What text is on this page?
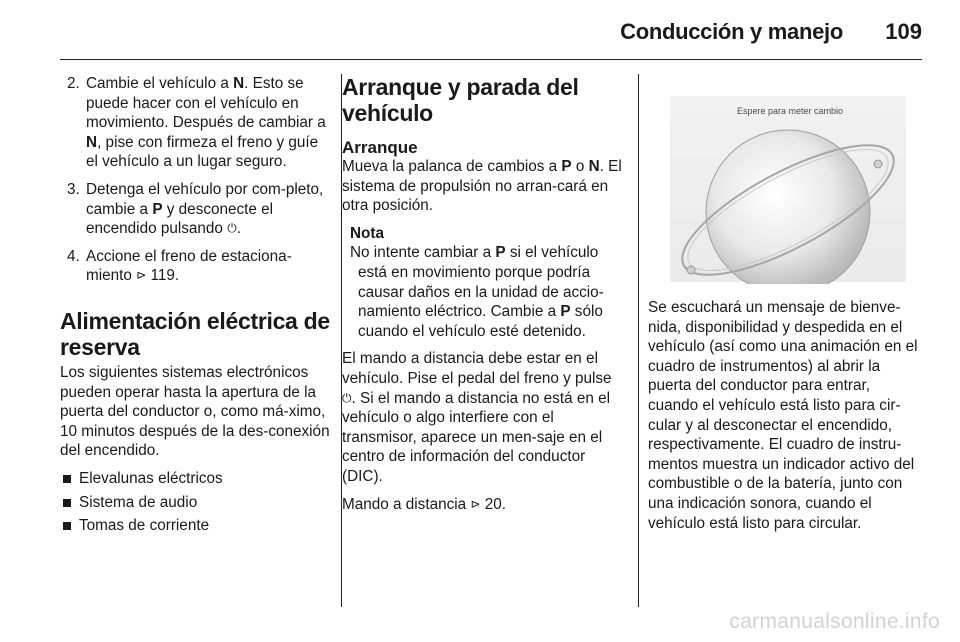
Conducción y manejo 109
2. Cambie el vehículo a N. Esto se puede hacer con el vehículo en movimiento. Después de cambiar a N, pise con firmeza el freno y guíe el vehículo a un lugar seguro.
3. Detenga el vehículo por com-pleto, cambie a P y desconecte el encendido pulsando ⏻.
4. Accione el freno de estaciona-miento ⊳ 119.
Alimentación eléctrica de reserva

Los siguientes sistemas electrónicos pueden operar hasta la apertura de la puerta del conductor o, como má-ximo, 10 minutos después de la des-conexión del encendido.

Elevalunas eléctricos
Sistema de audio
Tomas de corriente
Arranque y parada del vehículo
Arranque

Mueva la palanca de cambios a P o N. El sistema de propulsión no arran-cará en otra posición.

Nota
No intente cambiar a P si el vehículo está en movimiento porque podría causar daños en la unidad de accio-namiento eléctrico. Cambie a P sólo cuando el vehículo esté detenido.

El mando a distancia debe estar en el vehículo. Pise el pedal del freno y pulse ⏻. Si el mando a distancia no está en el vehículo o algo interfiere con el transmisor, aparece un men-saje en el centro de información del conductor (DIC).

Mando a distancia ⊳ 20.

Espere para meter cambio

Se escuchará un mensaje de bienve-nida, disponibilidad y despedida en el vehículo (así como una animación en el cuadro de instrumentos) al abrir la puerta del conductor para entrar, cuando el vehículo está listo para cir-cular y al desconectar el encendido, respectivamente. El cuadro de instru-mentos muestra un indicador activo del combustible o de la batería, junto con una indicación sonora, cuando el vehículo está listo para circular.

carmanualsonline.info
